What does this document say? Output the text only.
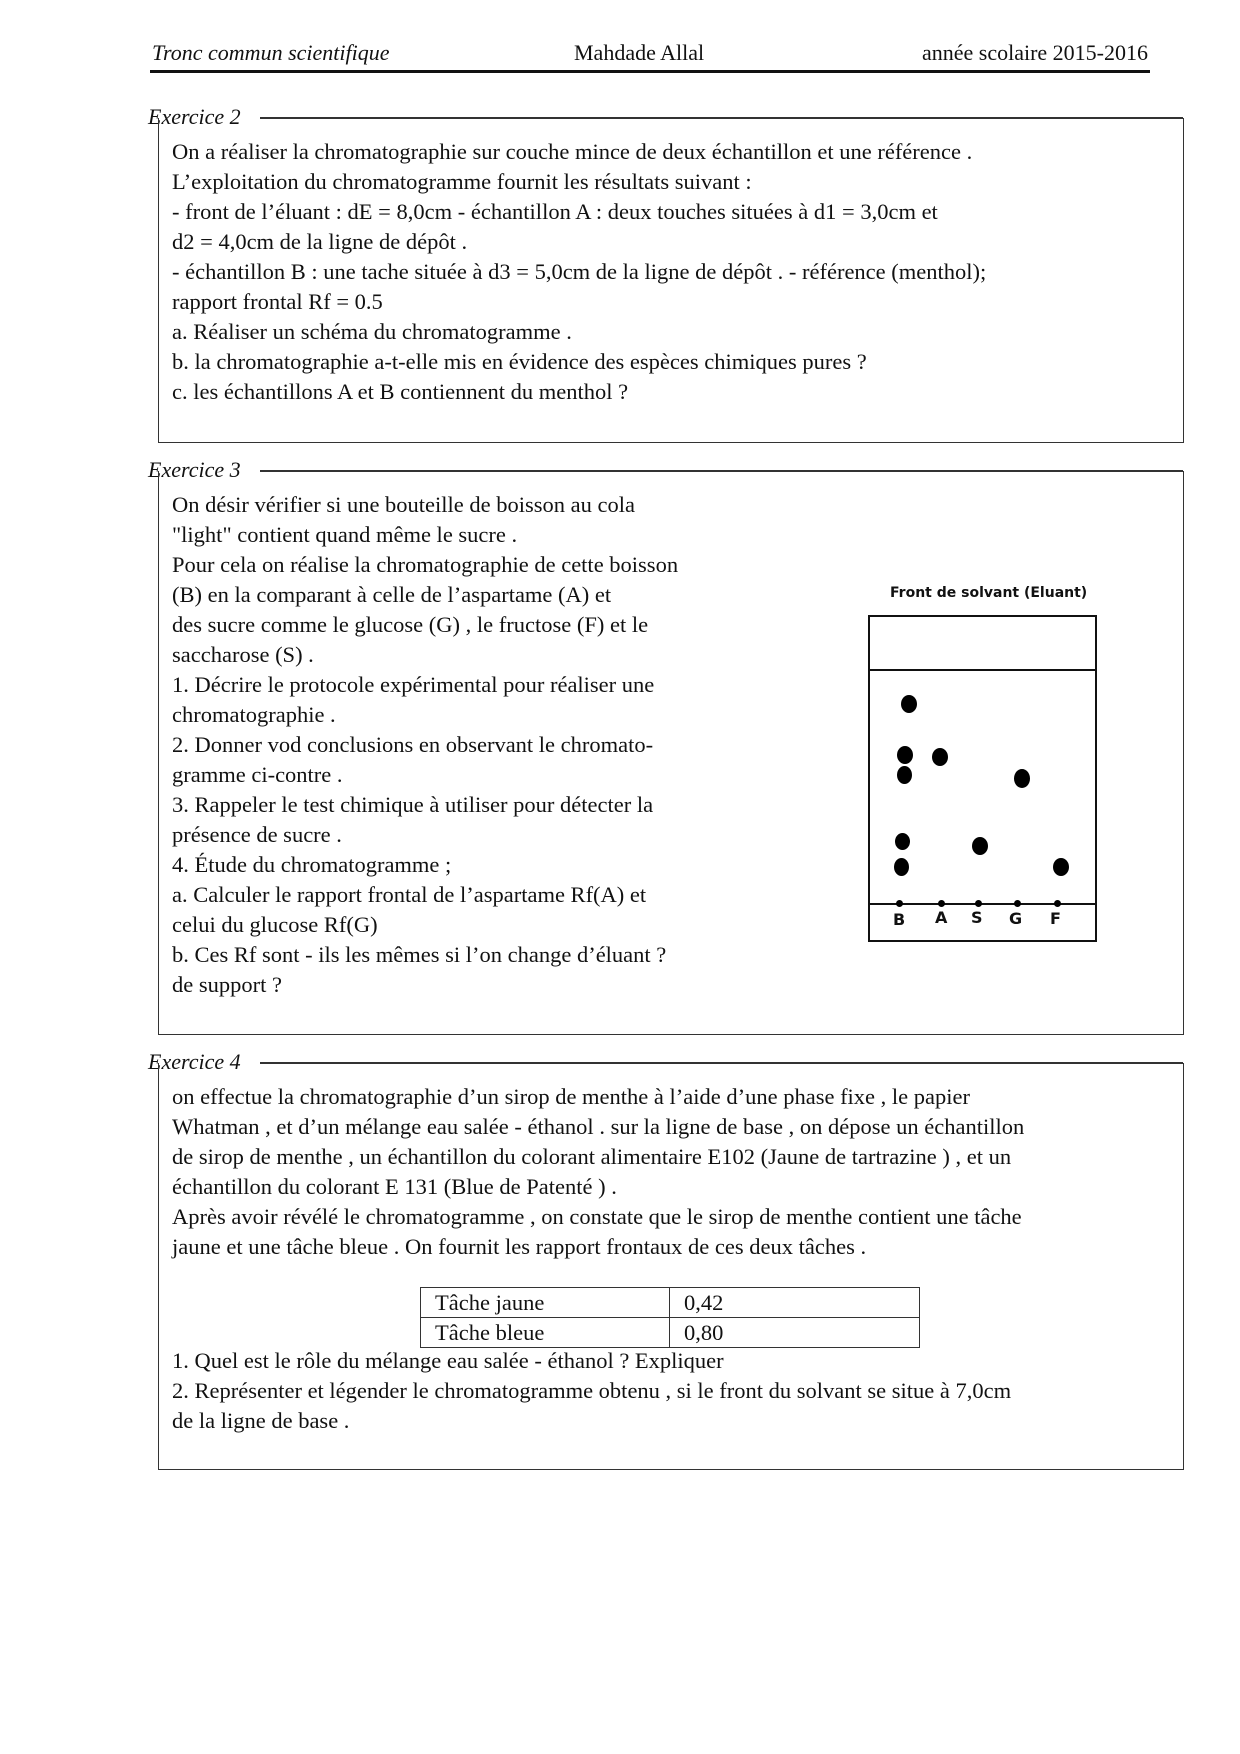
Tronc commun scientifique	Mahdade Allal	année scolaire 2015-2016
Exercice 2

On a réaliser la chromatographie sur couche mince de deux échantillon et une référence .

L’exploitation du chromatogramme fournit les résultats suivant :

- front de l’éluant : dE = 8,0cm - échantillon A : deux touches situées à d1 = 3,0cm et

d2 = 4,0cm de la ligne de dépôt .

- échantillon B : une tache située à d3 = 5,0cm de la ligne de dépôt . - référence (menthol);

rapport frontal Rf = 0.5

a. Réaliser un schéma du chromatogramme .

b. la chromatographie a-t-elle mis en évidence des espèces chimiques pures ?

c. les échantillons A et B contiennent du menthol ?

Exercice 3

On désir vérifier si une bouteille de boisson au cola

"light" contient quand même le sucre .

Pour cela on réalise la chromatographie de cette boisson

(B) en la comparant à celle de l’aspartame (A) et

des sucre comme le glucose (G) , le fructose (F) et le

saccharose (S) .

1. Décrire le protocole expérimental pour réaliser une

chromatographie .

2. Donner vod conclusions en observant le chromato-

gramme ci-contre .

3. Rappeler le test chimique à utiliser pour détecter la

présence de sucre .

4. Étude du chromatogramme ;

a. Calculer le rapport frontal de l’aspartame Rf(A) et

celui du glucose Rf(G)

b. Ces Rf sont - ils les mêmes si l’on change d’éluant ?

de support ?

Front de solvant (Eluant)
B A S G F
Exercice 4

on effectue la chromatographie d’un sirop de menthe à l’aide d’une phase fixe , le papier

Whatman , et d’un mélange eau salée - éthanol . sur la ligne de base , on dépose un échantillon

de sirop de menthe , un échantillon du colorant alimentaire E102 (Jaune de tartrazine ) , et un

échantillon du colorant E 131 (Blue de Patenté ) .

Après avoir révélé le chromatogramme , on constate que le sirop de menthe contient une tâche

jaune et une tâche bleue . On fournit les rapport frontaux de ces deux tâches .

Tâche jaune	0,42
Tâche bleue	0,80

1. Quel est le rôle du mélange eau salée - éthanol ? Expliquer

2. Représenter et légender le chromatogramme obtenu , si le front du solvant se situe à 7,0cm

de la ligne de base .
